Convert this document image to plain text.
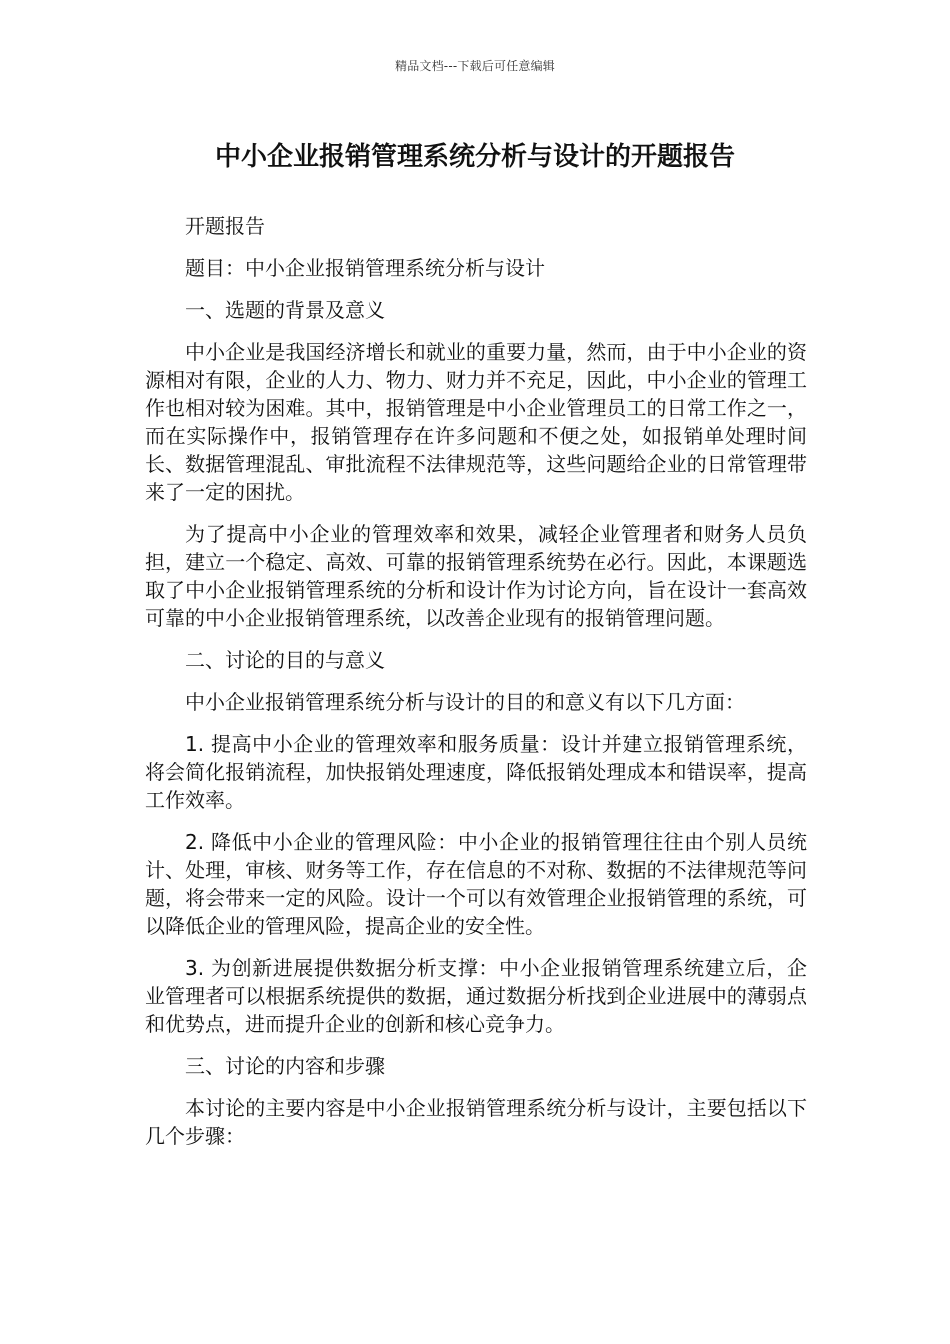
精品文档---下载后可任意编辑
中小企业报销管理系统分析与设计的开题报告

开题报告

题目：中小企业报销管理系统分析与设计

一、选题的背景及意义

中小企业是我国经济增长和就业的重要力量，然而，由于中小企业的资源相对有限，企业的人力、物力、财力并不充足，因此，中小企业的管理工作也相对较为困难。其中，报销管理是中小企业管理员工的日常工作之一，而在实际操作中，报销管理存在许多问题和不便之处，如报销单处理时间长、数据管理混乱、审批流程不法律规范等，这些问题给企业的日常管理带来了一定的困扰。

为了提高中小企业的管理效率和效果，减轻企业管理者和财务人员负担，建立一个稳定、高效、可靠的报销管理系统势在必行。因此，本课题选取了中小企业报销管理系统的分析和设计作为讨论方向，旨在设计一套高效可靠的中小企业报销管理系统，以改善企业现有的报销管理问题。

二、讨论的目的与意义

中小企业报销管理系统分析与设计的目的和意义有以下几方面：

1. 提高中小企业的管理效率和服务质量：设计并建立报销管理系统，将会简化报销流程，加快报销处理速度，降低报销处理成本和错误率，提高工作效率。

2. 降低中小企业的管理风险：中小企业的报销管理往往由个别人员统计、处理，审核、财务等工作，存在信息的不对称、数据的不法律规范等问题，将会带来一定的风险。设计一个可以有效管理企业报销管理的系统，可以降低企业的管理风险，提高企业的安全性。

3. 为创新进展提供数据分析支撑：中小企业报销管理系统建立后，企业管理者可以根据系统提供的数据，通过数据分析找到企业进展中的薄弱点和优势点，进而提升企业的创新和核心竞争力。

三、讨论的内容和步骤

本讨论的主要内容是中小企业报销管理系统分析与设计，主要包括以下几个步骤：
